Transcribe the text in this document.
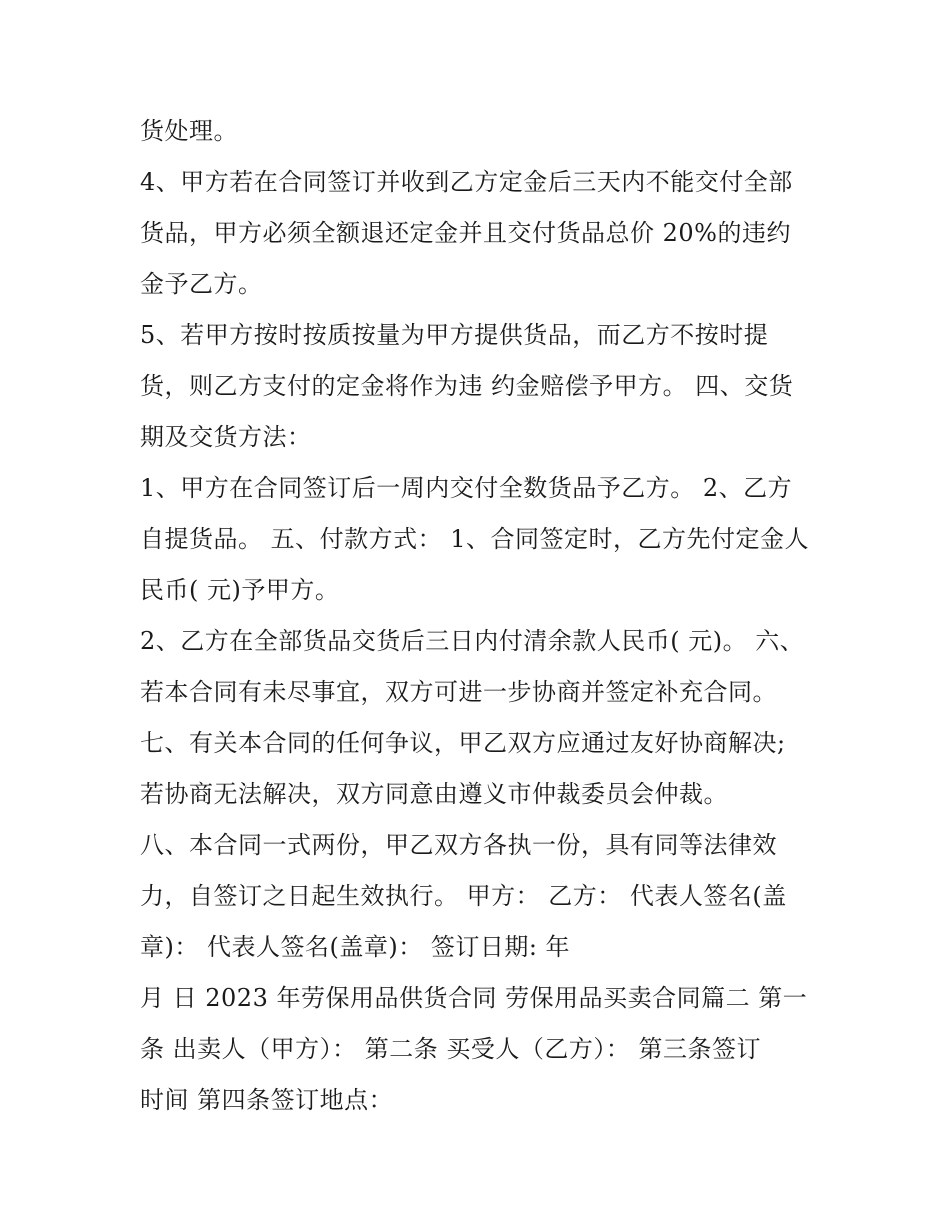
货处理。
4、甲方若在合同签订并收到乙方定金后三天内不能交付全部
货品，甲方必须全额退还定金并且交付货品总价 20%的违约
金予乙方。
5、若甲方按时按质按量为甲方提供货品，而乙方不按时提
货，则乙方支付的定金将作为违 约金赔偿予甲方。 四、交货
期及交货方法：
1、甲方在合同签订后一周内交付全数货品予乙方。 2、乙方
自提货品。 五、付款方式： 1、合同签定时，乙方先付定金人
民币( 元)予甲方。
2、乙方在全部货品交货后三日内付清余款人民币( 元)。 六、
若本合同有未尽事宜，双方可进一步协商并签定补充合同。
七、有关本合同的任何争议，甲乙双方应通过友好协商解决;
若协商无法解决，双方同意由遵义市仲裁委员会仲裁。
八、本合同一式两份，甲乙双方各执一份，具有同等法律效
力，自签订之日起生效执行。 甲方： 乙方： 代表人签名(盖
章)： 代表人签名(盖章)： 签订日期: 年
月 日 2023 年劳保用品供货合同 劳保用品买卖合同篇二 第一
条 出卖人（甲方）： 第二条 买受人（乙方）： 第三条签订
时间 第四条签订地点：
